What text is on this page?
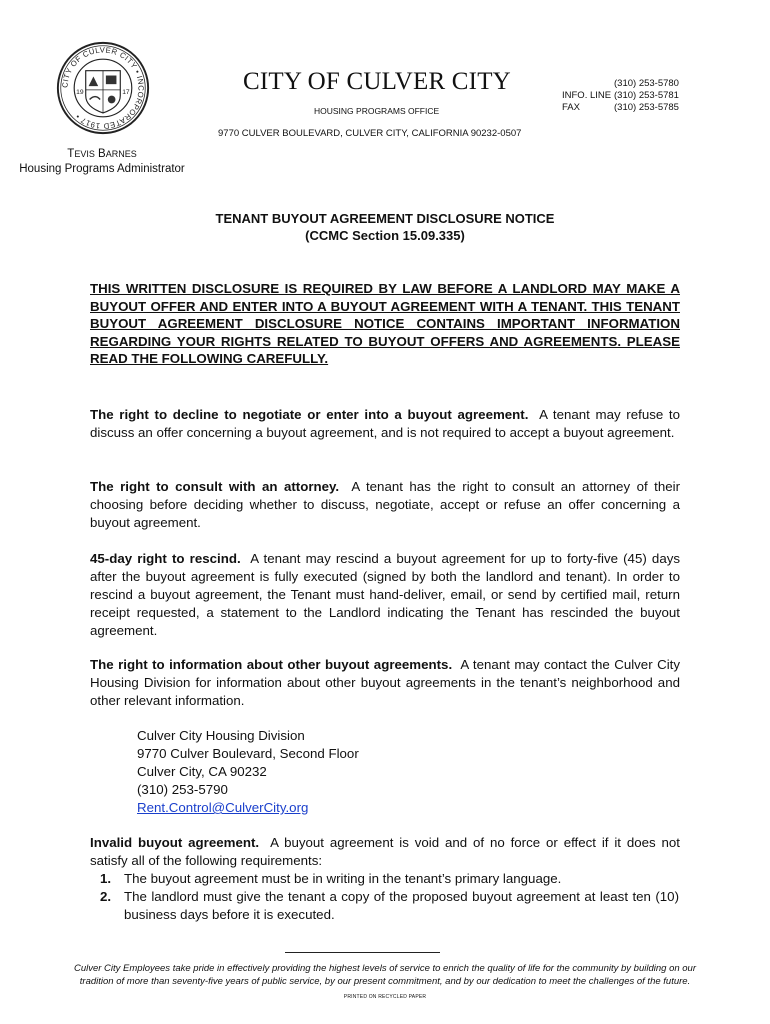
CITY OF CULVER CITY • INCORPORATED 1917 •
19	17	CITY OF CULVER CITY
HOUSING PROGRAMS OFFICE
(310) 253-5780
INFO. LINE (310) 253-5781
FAX	(310) 253-5785
9770 CULVER BOULEVARD, CULVER CITY, CALIFORNIA 90232-0507
TEVIS BARNES
Housing Programs Administrator
TENANT BUYOUT AGREEMENT DISCLOSURE NOTICE
(CCMC Section 15.09.335)
THIS WRITTEN DISCLOSURE IS REQUIRED BY LAW BEFORE A LANDLORD MAY MAKE A BUYOUT OFFER AND ENTER INTO A BUYOUT AGREEMENT WITH A TENANT. THIS TENANT BUYOUT AGREEMENT DISCLOSURE NOTICE CONTAINS IMPORTANT INFORMATION REGARDING YOUR RIGHTS RELATED TO BUYOUT OFFERS AND AGREEMENTS. PLEASE READ THE FOLLOWING CAREFULLY.
The right to decline to negotiate or enter into a buyout agreement. A tenant may refuse to discuss an offer concerning a buyout agreement, and is not required to accept a buyout agreement.
The right to consult with an attorney. A tenant has the right to consult an attorney of their choosing before deciding whether to discuss, negotiate, accept or refuse an offer concerning a buyout agreement.
45-day right to rescind. A tenant may rescind a buyout agreement for up to forty-five (45) days after the buyout agreement is fully executed (signed by both the landlord and tenant). In order to rescind a buyout agreement, the Tenant must hand-deliver, email, or send by certified mail, return receipt requested, a statement to the Landlord indicating the Tenant has rescinded the buyout agreement.
The right to information about other buyout agreements. A tenant may contact the Culver City Housing Division for information about other buyout agreements in the tenant’s neighborhood and other relevant information.
Culver City Housing Division
9770 Culver Boulevard, Second Floor
Culver City, CA 90232
(310) 253-5790
Rent.Control@CulverCity.org
Invalid buyout agreement. A buyout agreement is void and of no force or effect if it does not satisfy all of the following requirements:
1. The buyout agreement must be in writing in the tenant’s primary language.
2. The landlord must give the tenant a copy of the proposed buyout agreement at least ten (10) business days before it is executed.
Culver City Employees take pride in effectively providing the highest levels of service to enrich the quality of life for the community by building on our
tradition of more than seventy-five years of public service, by our present commitment, and by our dedication to meet the challenges of the future.
PRINTED ON RECYCLED PAPER
